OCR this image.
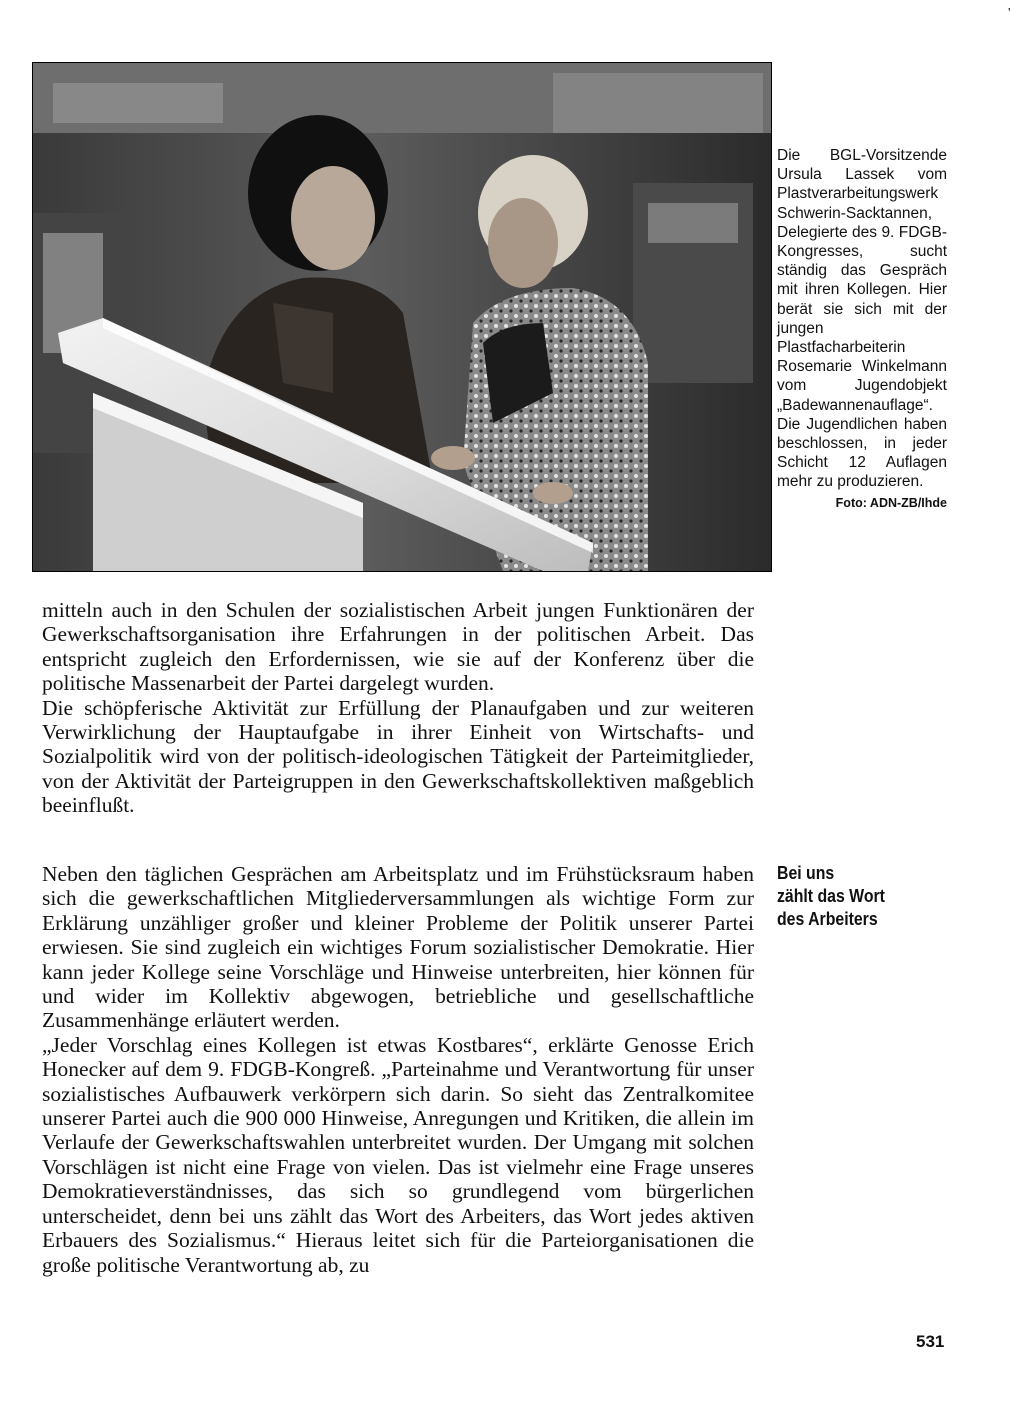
'
Die BGL-Vorsitzende Ursula Lassek vom Plastverarbeitungswerk Schwerin-Sacktannen, Delegierte des 9. FDGB-Kongresses, sucht ständig das Gespräch mit ihren Kollegen. Hier berät sie sich mit der jungen Plastfacharbeiterin Rosemarie Winkelmann vom Jugendobjekt „Badewannenauflage“. Die Jugendlichen haben beschlossen, in jeder Schicht 12 Auflagen mehr zu produzieren.
Foto: ADN-ZB/Ihde

mitteln auch in den Schulen der sozialistischen Arbeit jungen Funktionären der Gewerkschaftsorganisation ihre Erfahrungen in der politischen Arbeit. Das entspricht zugleich den Erfordernissen, wie sie auf der Konferenz über die politische Massenarbeit der Partei dargelegt wurden.

Die schöpferische Aktivität zur Erfüllung der Planaufgaben und zur weiteren Verwirklichung der Hauptaufgabe in ihrer Einheit von Wirtschafts- und Sozialpolitik wird von der politisch-ideologischen Tätigkeit der Parteimitglieder, von der Aktivität der Parteigruppen in den Gewerkschaftskollektiven maßgeblich beeinflußt.

Bei uns
zählt das Wort
des Arbeiters

Neben den täglichen Gesprächen am Arbeitsplatz und im Frühstücksraum haben sich die gewerkschaftlichen Mitgliederversammlungen als wichtige Form zur Erklärung unzähliger großer und kleiner Probleme der Politik unserer Partei erwiesen. Sie sind zugleich ein wichtiges Forum sozialistischer Demokratie. Hier kann jeder Kollege seine Vorschläge und Hinweise unterbreiten, hier können für und wider im Kollektiv abgewogen, betriebliche und gesellschaftliche Zusammenhänge erläutert werden.

„Jeder Vorschlag eines Kollegen ist etwas Kostbares“, erklärte Genosse Erich Honecker auf dem 9. FDGB-Kongreß. „Parteinahme und Verantwortung für unser sozialistisches Aufbauwerk verkörpern sich darin. So sieht das Zentralkomitee unserer Partei auch die 900 000 Hinweise, Anregungen und Kritiken, die allein im Verlaufe der Gewerkschaftswahlen unterbreitet wurden. Der Umgang mit solchen Vorschlägen ist nicht eine Frage von vielen. Das ist vielmehr eine Frage unseres Demokratieverständnisses, das sich so grundlegend vom bürgerlichen unterscheidet, denn bei uns zählt das Wort des Arbeiters, das Wort jedes aktiven Erbauers des Sozialismus.“ Hieraus leitet sich für die Parteiorganisationen die große politische Verantwortung ab, zu

531
